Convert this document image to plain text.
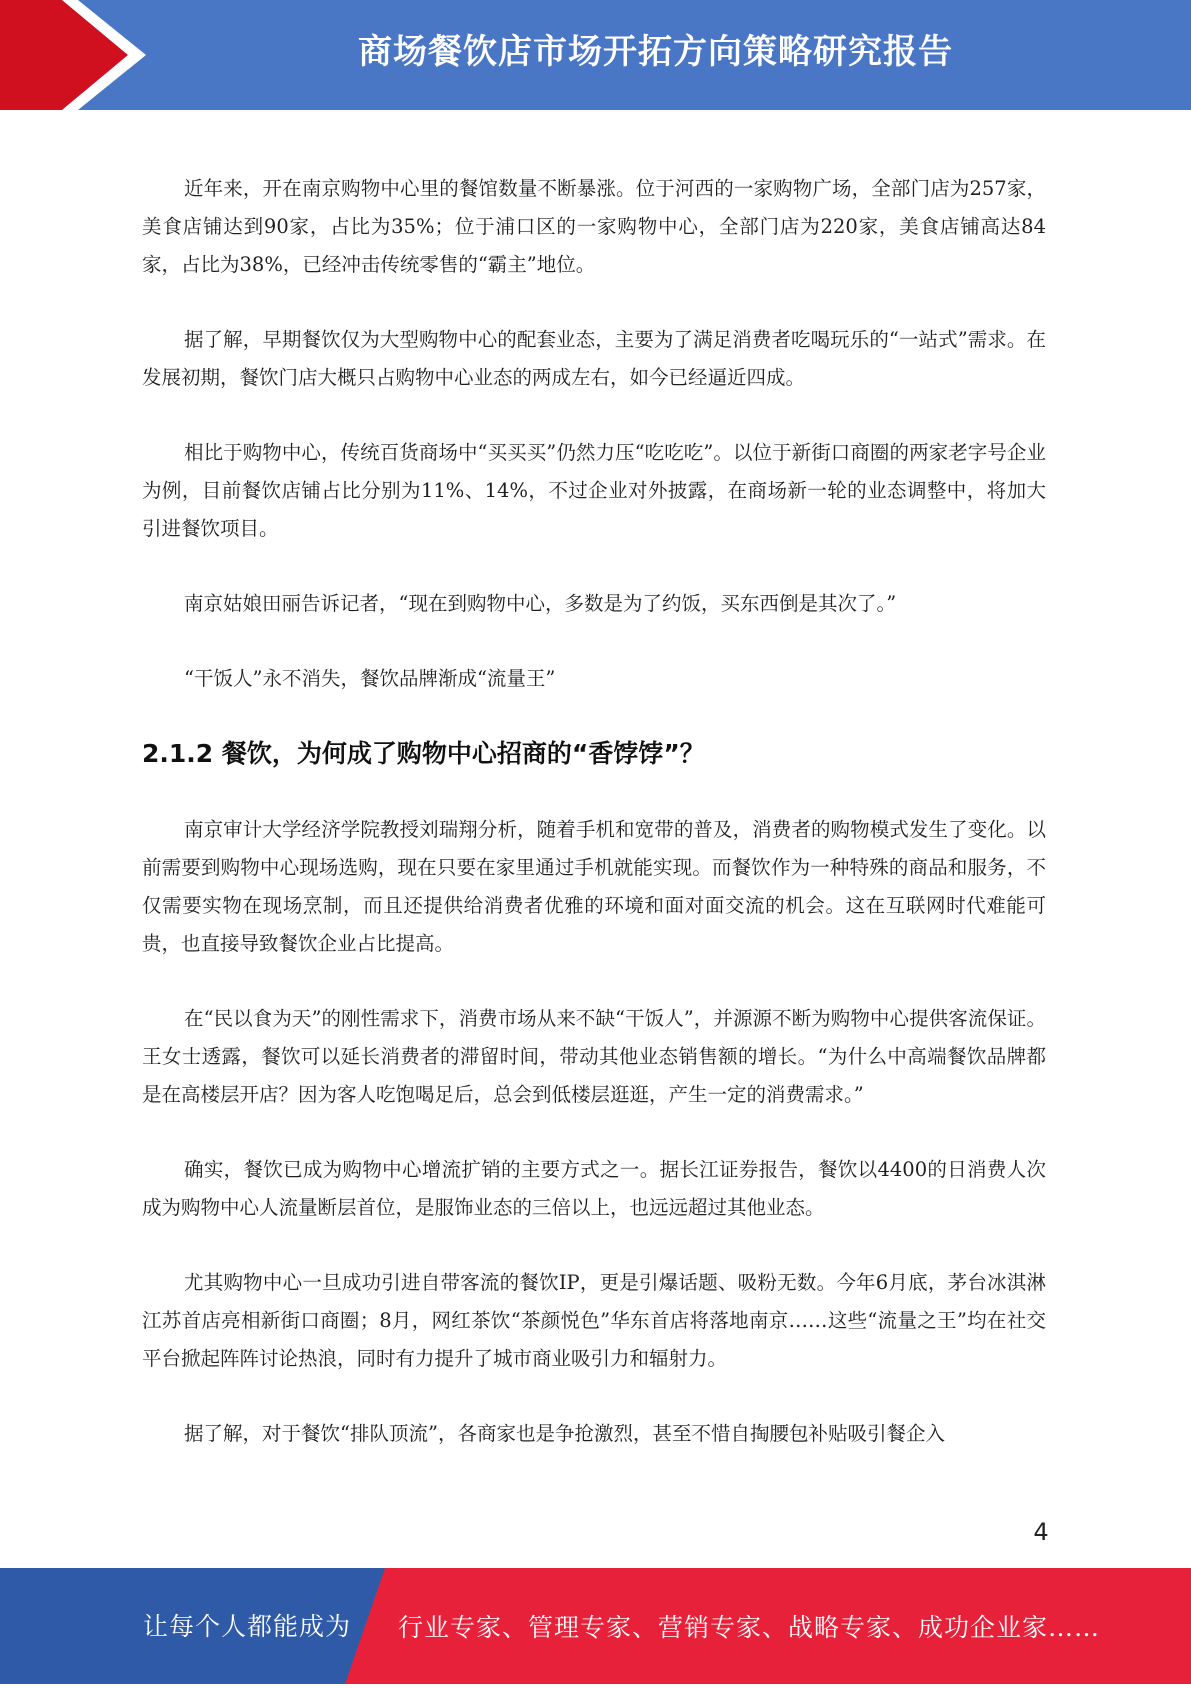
商场餐饮店市场开拓方向策略研究报告

近年来，开在南京购物中心里的餐馆数量不断暴涨。位于河西的一家购物广场，全部门店为257家，美食店铺达到90家，占比为35%；位于浦口区的一家购物中心，全部门店为220家，美食店铺高达84家，占比为38%，已经冲击传统零售的“霸主”地位。

据了解，早期餐饮仅为大型购物中心的配套业态，主要为了满足消费者吃喝玩乐的“一站式”需求。在发展初期，餐饮门店大概只占购物中心业态的两成左右，如今已经逼近四成。

相比于购物中心，传统百货商场中“买买买”仍然力压“吃吃吃”。以位于新街口商圈的两家老字号企业为例，目前餐饮店铺占比分别为11%、14%，不过企业对外披露，在商场新一轮的业态调整中，将加大引进餐饮项目。

南京姑娘田丽告诉记者，“现在到购物中心，多数是为了约饭，买东西倒是其次了。”

“干饭人”永不消失，餐饮品牌渐成“流量王”

2.1.2 餐饮，为何成了购物中心招商的“香饽饽”？

南京审计大学经济学院教授刘瑞翔分析，随着手机和宽带的普及，消费者的购物模式发生了变化。以前需要到购物中心现场选购，现在只要在家里通过手机就能实现。而餐饮作为一种特殊的商品和服务，不仅需要实物在现场烹制，而且还提供给消费者优雅的环境和面对面交流的机会。这在互联网时代难能可贵，也直接导致餐饮企业占比提高。

在“民以食为天”的刚性需求下，消费市场从来不缺“干饭人”，并源源不断为购物中心提供客流保证。王女士透露，餐饮可以延长消费者的滞留时间，带动其他业态销售额的增长。“为什么中高端餐饮品牌都是在高楼层开店？因为客人吃饱喝足后，总会到低楼层逛逛，产生一定的消费需求。”

确实，餐饮已成为购物中心增流扩销的主要方式之一。据长江证券报告，餐饮以4400的日消费人次成为购物中心人流量断层首位，是服饰业态的三倍以上，也远远超过其他业态。

尤其购物中心一旦成功引进自带客流的餐饮IP，更是引爆话题、吸粉无数。今年6月底，茅台冰淇淋江苏首店亮相新街口商圈；8月，网红茶饮“茶颜悦色”华东首店将落地南京……这些“流量之王”均在社交平台掀起阵阵讨论热浪，同时有力提升了城市商业吸引力和辐射力。

据了解，对于餐饮“排队顶流”，各商家也是争抢激烈，甚至不惜自掏腰包补贴吸引餐企入

4
让每个人都能成为 行业专家、管理专家、营销专家、战略专家、成功企业家……
